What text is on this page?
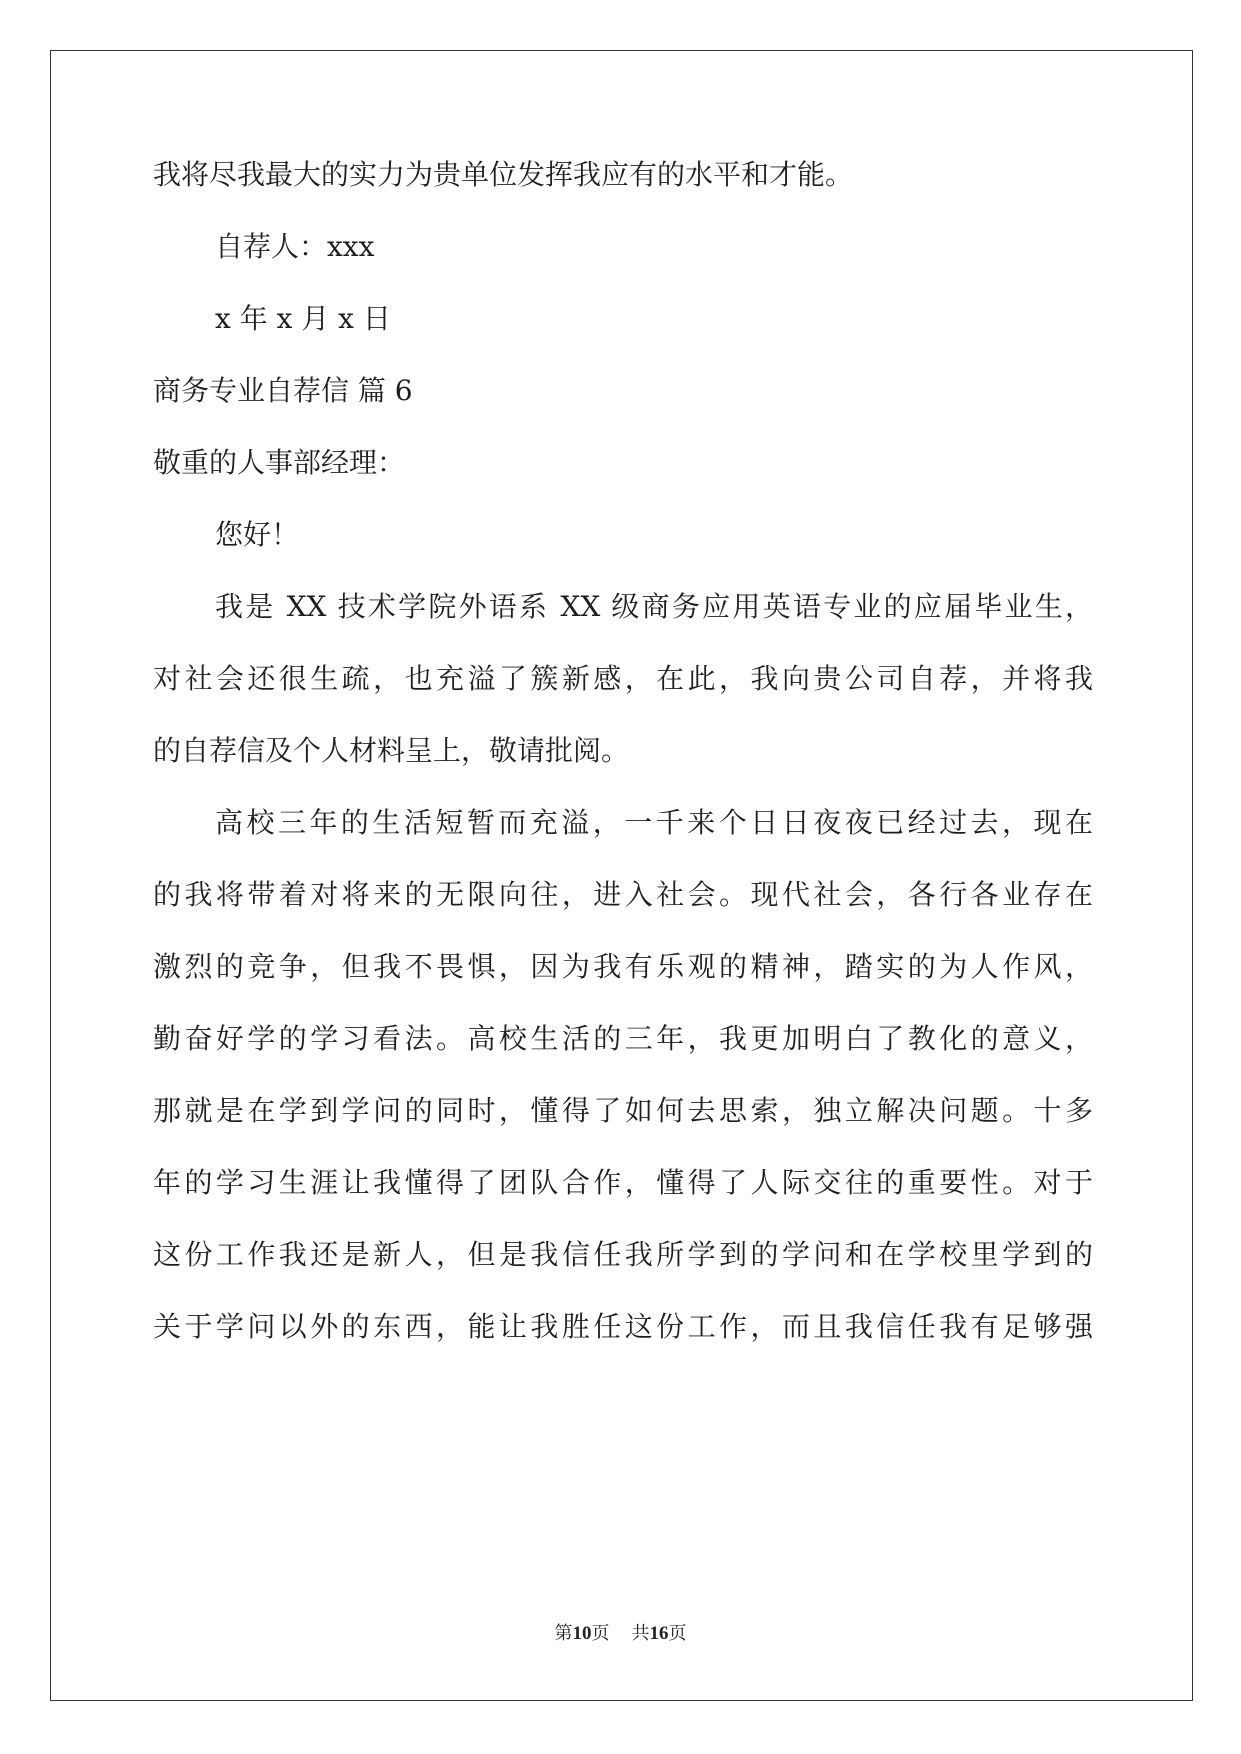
我将尽我最大的实力为贵单位发挥我应有的水平和才能。
自荐人：xxx
x 年 x 月 x 日
商务专业自荐信 篇 6
敬重的人事部经理：
您好！
我是 XX 技术学院外语系 XX 级商务应用英语专业的应届毕业生，
对社会还很生疏，也充溢了簇新感，在此，我向贵公司自荐，并将我
的自荐信及个人材料呈上，敬请批阅。
高校三年的生活短暂而充溢，一千来个日日夜夜已经过去，现在
的我将带着对将来的无限向往，进入社会。现代社会，各行各业存在
激烈的竞争，但我不畏惧，因为我有乐观的精神，踏实的为人作风，
勤奋好学的学习看法。高校生活的三年，我更加明白了教化的意义，
那就是在学到学问的同时，懂得了如何去思索，独立解决问题。十多
年的学习生涯让我懂得了团队合作，懂得了人际交往的重要性。对于
这份工作我还是新人，但是我信任我所学到的学问和在学校里学到的
关于学问以外的东西，能让我胜任这份工作，而且我信任我有足够强
第10页 共16页
